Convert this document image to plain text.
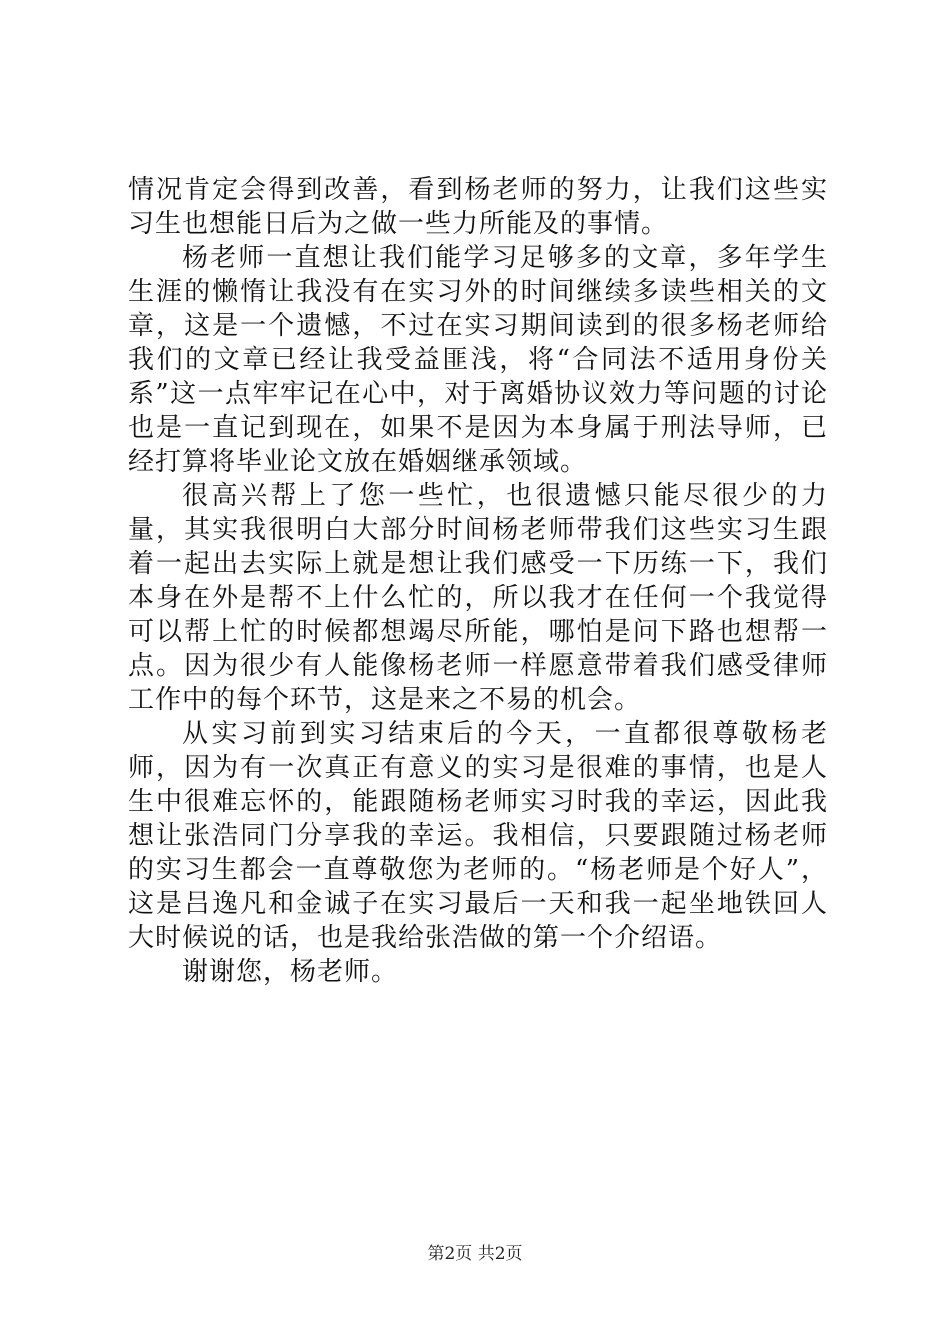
情况肯定会得到改善，看到杨老师的努力，让我们这些实习生也想能日后为之做一些力所能及的事情。

杨老师一直想让我们能学习足够多的文章，多年学生生涯的懒惰让我没有在实习外的时间继续多读些相关的文章，这是一个遗憾，不过在实习期间读到的很多杨老师给我们的文章已经让我受益匪浅，将“合同法不适用身份关系”这一点牢牢记在心中，对于离婚协议效力等问题的讨论也是一直记到现在，如果不是因为本身属于刑法导师，已经打算将毕业论文放在婚姻继承领域。

很高兴帮上了您一些忙，也很遗憾只能尽很少的力量，其实我很明白大部分时间杨老师带我们这些实习生跟着一起出去实际上就是想让我们感受一下历练一下，我们本身在外是帮不上什么忙的，所以我才在任何一个我觉得可以帮上忙的时候都想竭尽所能，哪怕是问下路也想帮一点。因为很少有人能像杨老师一样愿意带着我们感受律师工作中的每个环节，这是来之不易的机会。

从实习前到实习结束后的今天，一直都很尊敬杨老师，因为有一次真正有意义的实习是很难的事情，也是人生中很难忘怀的，能跟随杨老师实习时我的幸运，因此我想让张浩同门分享我的幸运。我相信，只要跟随过杨老师的实习生都会一直尊敬您为老师的。“杨老师是个好人”，这是吕逸凡和金诚子在实习最后一天和我一起坐地铁回人大时候说的话，也是我给张浩做的第一个介绍语。

谢谢您，杨老师。

第2页 共2页
